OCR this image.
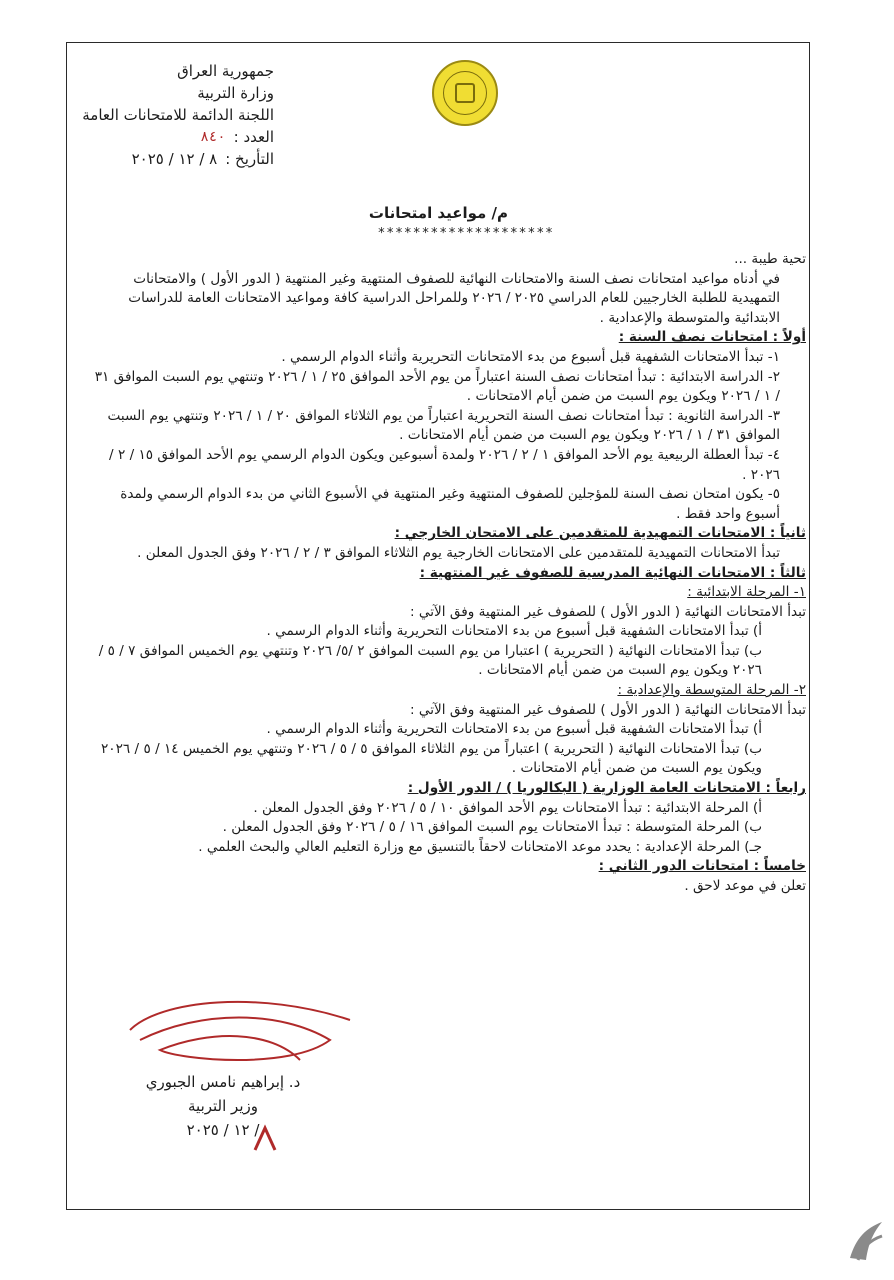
جمهورية العراق
وزارة التربية
اللجنة الدائمة للامتحانات العامة
العدد :
٨٤٠
التأريخ :
٨ / ١٢ / ٢٠٢٥
م/ مواعيد امتحانات
********************

تحية طيبة ...

في أدناه مواعيد امتحانات نصف السنة والامتحانات النهائية للصفوف المنتهية وغير المنتهية ( الدور الأول ) والامتحانات التمهيدية للطلبة الخارجيين للعام الدراسي ٢٠٢٥ / ٢٠٢٦ وللمراحل الدراسية كافة ومواعيد الامتحانات العامة للدراسات الابتدائية والمتوسطة والإعدادية .

أولاً : امتحانات نصف السنة :

١- تبدأ الامتحانات الشفهية قبل أسبوع من بدء الامتحانات التحريرية وأثناء الدوام الرسمي .

٢- الدراسة الابتدائية : تبدأ امتحانات نصف السنة اعتباراً من يوم الأحد الموافق ٢٥ / ١ / ٢٠٢٦ وتنتهي يوم السبت الموافق ٣١ / ١ / ٢٠٢٦ ويكون يوم السبت من ضمن أيام الامتحانات .

٣- الدراسة الثانوية : تبدأ امتحانات نصف السنة التحريرية اعتباراً من يوم الثلاثاء الموافق ٢٠ / ١ / ٢٠٢٦ وتنتهي يوم السبت الموافق ٣١ / ١ / ٢٠٢٦ ويكون يوم السبت من ضمن أيام الامتحانات .

٤- تبدأ العطلة الربيعية يوم الأحد الموافق ١ / ٢ / ٢٠٢٦ ولمدة أسبوعين ويكون الدوام الرسمي يوم الأحد الموافق ١٥ / ٢ / ٢٠٢٦ .

٥- يكون امتحان نصف السنة للمؤجلين للصفوف المنتهية وغير المنتهية في الأسبوع الثاني من بدء الدوام الرسمي ولمدة أسبوع واحد فقط .

ثانياً : الامتحانات التمهيدية للمتقدمين على الامتحان الخارجي :

تبدأ الامتحانات التمهيدية للمتقدمين على الامتحانات الخارجية يوم الثلاثاء الموافق ٣ / ٢ / ٢٠٢٦ وفق الجدول المعلن .

ثالثاً : الامتحانات النهائية المدرسية للصفوف غير المنتهية :

١- المرحلة الابتدائية :

تبدأ الامتحانات النهائية ( الدور الأول ) للصفوف غير المنتهية وفق الآتي :

أ) تبدأ الامتحانات الشفهية قبل أسبوع من بدء الامتحانات التحريرية وأثناء الدوام الرسمي .

ب) تبدأ الامتحانات النهائية ( التحريرية ) اعتبارا من يوم السبت الموافق ٢ /٥/ ٢٠٢٦ وتنتهي يوم الخميس الموافق ٧ / ٥ / ٢٠٢٦ ويكون يوم السبت من ضمن أيام الامتحانات .

٢- المرحلة المتوسطة والإعدادية :

تبدأ الامتحانات النهائية ( الدور الأول ) للصفوف غير المنتهية وفق الآتي :

أ) تبدأ الامتحانات الشفهية قبل أسبوع من بدء الامتحانات التحريرية وأثناء الدوام الرسمي .

ب) تبدأ الامتحانات النهائية ( التحريرية ) اعتباراً من يوم الثلاثاء الموافق ٥ / ٥ / ٢٠٢٦ وتنتهي يوم الخميس ١٤ / ٥ / ٢٠٢٦ ويكون يوم السبت من ضمن أيام الامتحانات .

رابعاً : الامتحانات العامة الوزارية ( البكالوريا ) / الدور الأول :

أ) المرحلة الابتدائية : تبدأ الامتحانات يوم الأحد الموافق ١٠ / ٥ / ٢٠٢٦ وفق الجدول المعلن .

ب) المرحلة المتوسطة : تبدأ الامتحانات يوم السبت الموافق ١٦ / ٥ / ٢٠٢٦ وفق الجدول المعلن .

جـ) المرحلة الإعدادية : يحدد موعد الامتحانات لاحقاً بالتنسيق مع وزارة التعليم العالي والبحث العلمي .

خامساً : امتحانات الدور الثاني :

تعلن في موعد لاحق .

د. إبراهيم نامس الجبوري
وزير التربية
/ ١٢ / ٢٠٢٥
